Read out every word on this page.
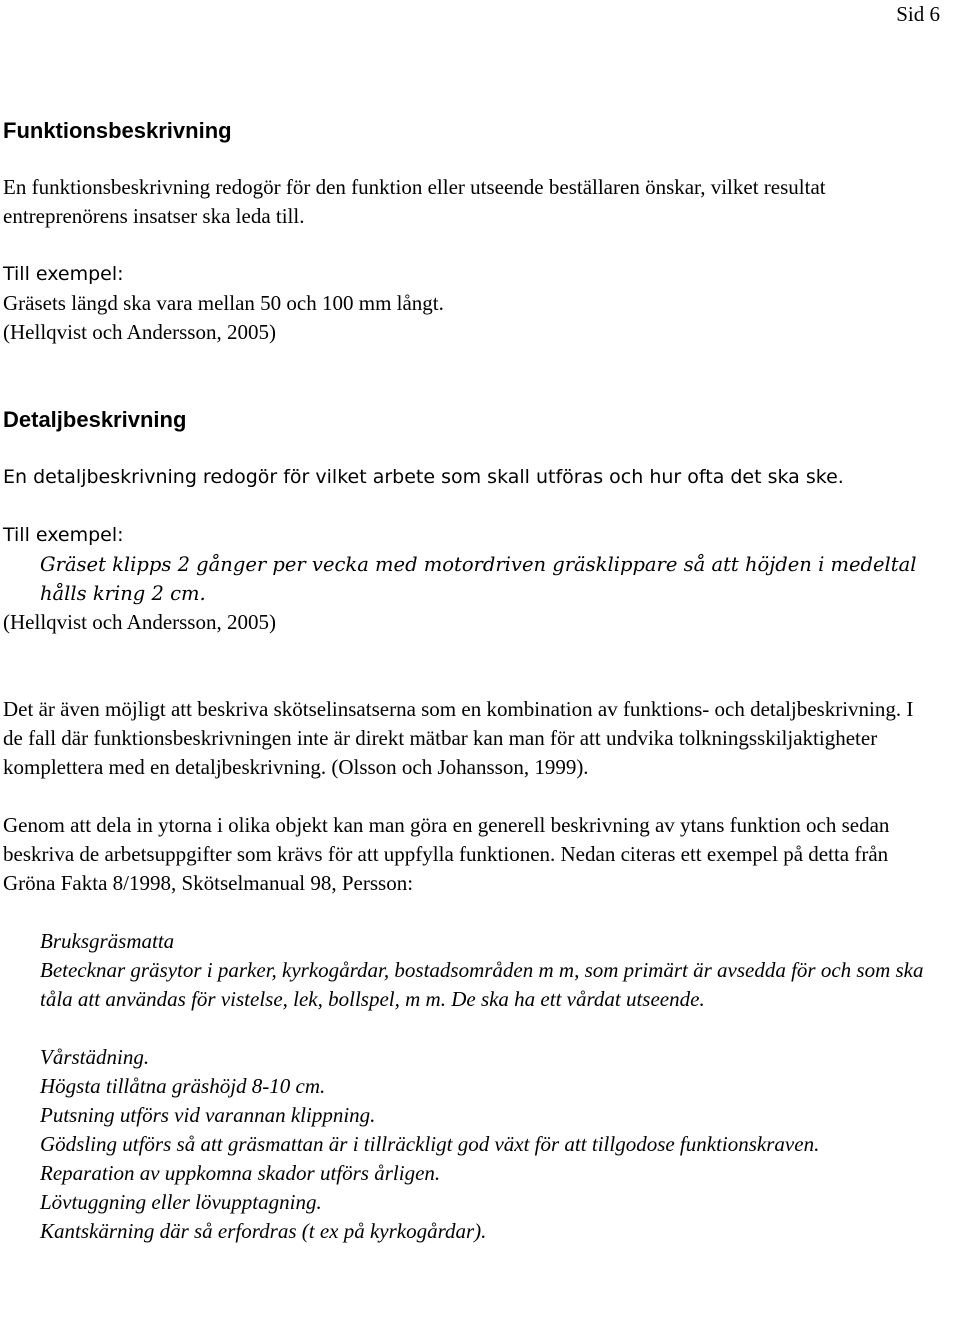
Sid 6
Funktionsbeskrivning

En funktionsbeskrivning redogör för den funktion eller utseende beställaren önskar, vilket resultat entreprenörens insatser ska leda till.

Till exempel:

Gräsets längd ska vara mellan 50 och 100 mm långt.

(Hellqvist och Andersson, 2005)

Detaljbeskrivning

En detaljbeskrivning redogör för vilket arbete som skall utföras och hur ofta det ska ske.

Till exempel:

Gräset klipps 2 gånger per vecka med motordriven gräsklippare så att höjden i medeltal hålls kring 2 cm.

(Hellqvist och Andersson, 2005)

Det är även möjligt att beskriva skötselinsatserna som en kombination av funktions- och detaljbeskrivning. I de fall där funktionsbeskrivningen inte är direkt mätbar kan man för att undvika tolkningsskiljaktigheter komplettera med en detaljbeskrivning. (Olsson och Johansson, 1999).

Genom att dela in ytorna i olika objekt kan man göra en generell beskrivning av ytans funktion och sedan beskriva de arbetsuppgifter som krävs för att uppfylla funktionen. Nedan citeras ett exempel på detta från Gröna Fakta 8/1998, Skötselmanual 98, Persson:

Bruksgräsmatta

Betecknar gräsytor i parker, kyrkogårdar, bostadsområden m m, som primärt är avsedda för och som ska tåla att användas för vistelse, lek, bollspel, m m. De ska ha ett vårdat utseende.

Vårstädning.

Högsta tillåtna gräshöjd 8-10 cm.

Putsning utförs vid varannan klippning.

Gödsling utförs så att gräsmattan är i tillräckligt god växt för att tillgodose funktionskraven.

Reparation av uppkomna skador utförs årligen.

Lövtuggning eller lövupptagning.

Kantskärning där så erfordras (t ex på kyrkogårdar).
